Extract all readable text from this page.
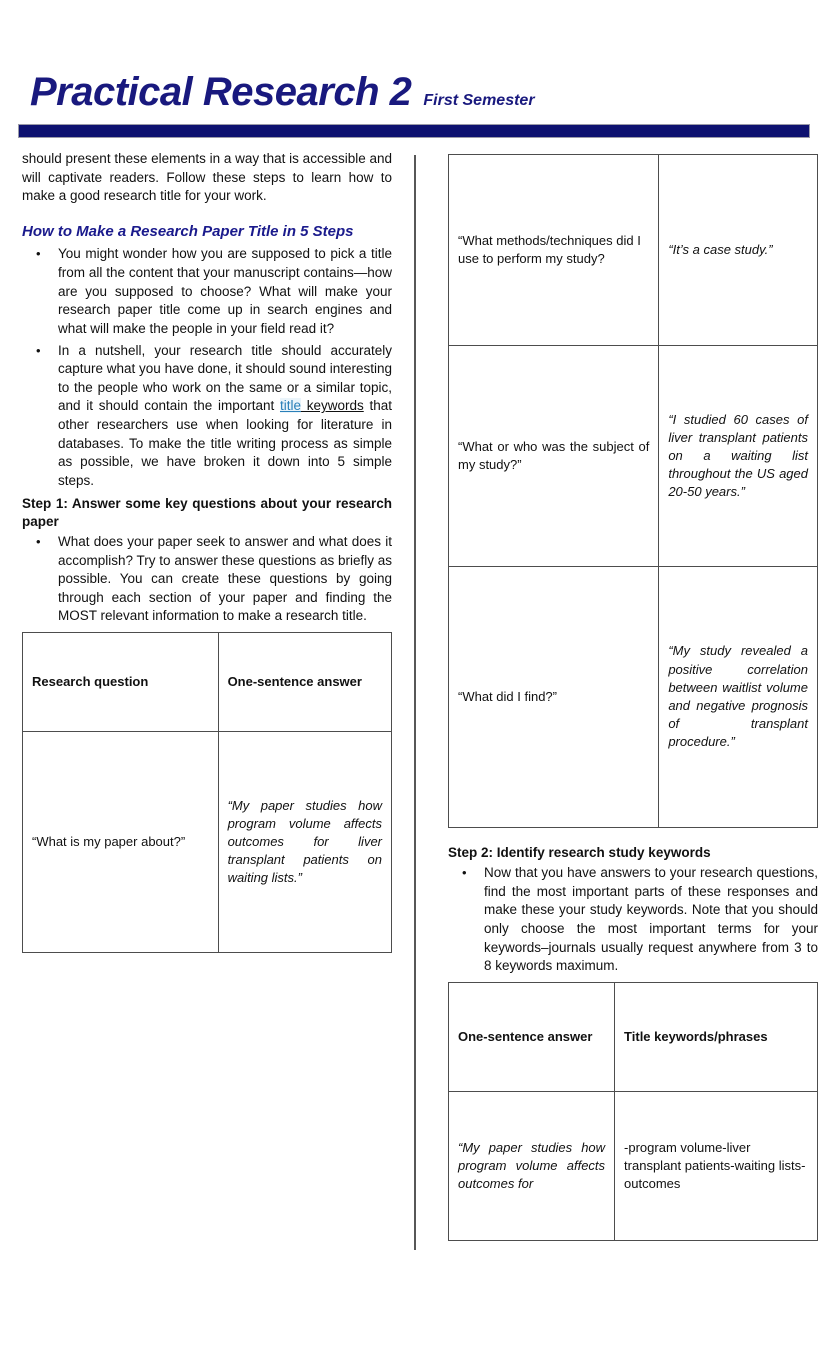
Practical Research 2 First Semester

should present these elements in a way that is accessible and will captivate readers. Follow these steps to learn how to make a good research title for your work.

How to Make a Research Paper Title in 5 Steps
• You might wonder how you are supposed to pick a title from all the content that your manuscript contains—how are you supposed to choose? What will make your research paper title come up in search engines and what will make the people in your field read it?
• In a nutshell, your research title should accurately capture what you have done, it should sound interesting to the people who work on the same or a similar topic, and it should contain the important title keywords that other researchers use when looking for literature in databases. To make the title writing process as simple as possible, we have broken it down into 5 simple steps.
Step 1: Answer some key questions about your research paper
• What does your paper seek to answer and what does it accomplish? Try to answer these questions as briefly as possible. You can create these questions by going through each section of your paper and finding the MOST relevant information to make a research title.
Research question	One-sentence answer
“What is my paper about?”	“My paper studies how program volume affects outcomes for liver transplant patients on waiting lists.”
“What methods/techniques did I use to perform my study?	“It’s a case study.”
“What or who was the subject of my study?”	“I studied 60 cases of liver transplant patients on a waiting list throughout the US aged 20-50 years.”
“What did I find?”	“My study revealed a positive correlation between waitlist volume and negative prognosis of transplant procedure.”
Step 2: Identify research study keywords
• Now that you have answers to your research questions, find the most important parts of these responses and make these your study keywords. Note that you should only choose the most important terms for your keywords–journals usually request anywhere from 3 to 8 keywords maximum.
One-sentence answer	Title keywords/phrases
“My paper studies how program volume affects outcomes for	-program volume-liver transplant patients-waiting lists-outcomes
